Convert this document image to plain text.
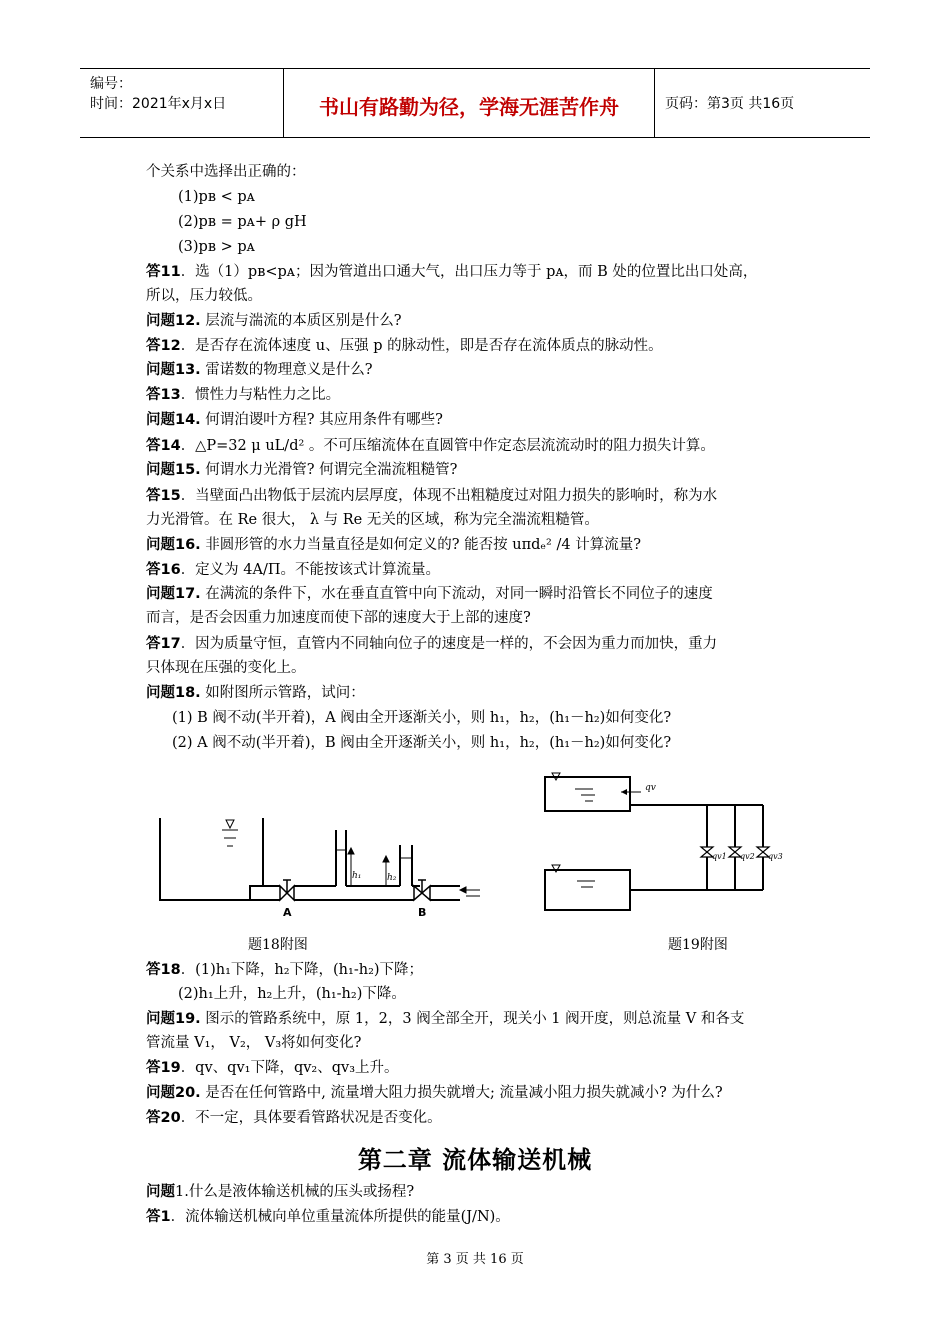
编号：
时间：2021年x月x日	书山有路勤为径，学海无涯苦作舟	页码：第3页 共16页
个关系中选择出正确的：
(1)pʙ < pᴀ
(2)pʙ = pᴀ+ ρ gH
(3)pʙ > pᴀ
答11．选（1）pʙ<pᴀ；因为管道出口通大气，出口压力等于 pᴀ，而 B 处的位置比出口处高，
所以，压力较低。
问题12. 层流与湍流的本质区别是什么?
答12．是否存在流体速度 u、压强 p 的脉动性，即是否存在流体质点的脉动性。
问题13. 雷诺数的物理意义是什么?
答13．惯性力与粘性力之比。
问题14. 何谓泊谡叶方程? 其应用条件有哪些?
答14．△P=32 μ uL/d² 。不可压缩流体在直圆管中作定态层流流动时的阻力损失计算。
问题15. 何谓水力光滑管? 何谓完全湍流粗糙管?
答15．当壁面凸出物低于层流内层厚度，体现不出粗糙度过对阻力损失的影响时，称为水
力光滑管。在 Re 很大， λ 与 Re 无关的区域，称为完全湍流粗糙管。
问题16. 非圆形管的水力当量直径是如何定义的? 能否按 uπdₑ² /4 计算流量?
答16．定义为 4A/Π。不能按该式计算流量。
问题17. 在满流的条件下，水在垂直直管中向下流动，对同一瞬时沿管长不同位子的速度
而言，是否会因重力加速度而使下部的速度大于上部的速度?
答17．因为质量守恒，直管内不同轴向位子的速度是一样的，不会因为重力而加快，重力
只体现在压强的变化上。
问题18. 如附图所示管路，试问：
(1) B 阀不动(半开着)，A 阀由全开逐渐关小，则 h₁，h₂，(h₁－h₂)如何变化?
(2) A 阀不动(半开着)，B 阀由全开逐渐关小，则 h₁，h₂，(h₁－h₂)如何变化?
h₁	h₂
A	B
qv
qv1 qv2 qv3
题18附图	题19附图
答18．(1)h₁下降，h₂下降，(h₁-h₂)下降；
(2)h₁上升，h₂上升，(h₁-h₂)下降。
问题19. 图示的管路系统中，原 1，2，3 阀全部全开，现关小 1 阀开度，则总流量 V 和各支
管流量 V₁， V₂， V₃将如何变化?
答19．qᴠ、qᴠ₁下降，qᴠ₂、qᴠ₃上升。
问题20. 是否在任何管路中, 流量增大阻力损失就增大; 流量减小阻力损失就减小? 为什么?
答20．不一定，具体要看管路状况是否变化。
第二章 流体输送机械
问题1.什么是液体输送机械的压头或扬程?
答1．流体输送机械向单位重量流体所提供的能量(J/N)。
第 3 页 共 16 页
